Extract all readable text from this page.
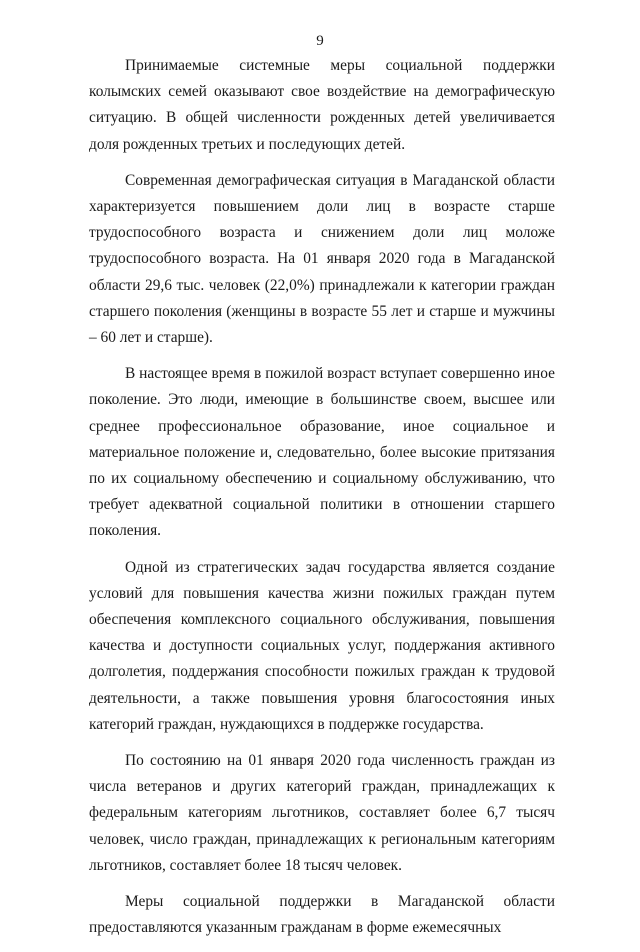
9

Принимаемые системные меры социальной поддержки колымских семей оказывают свое воздействие на демографическую ситуацию. В общей численности рожденных детей увеличивается доля рожденных третьих и последующих детей.

Современная демографическая ситуация в Магаданской области характеризуется повышением доли лиц в возрасте старше трудоспособного возраста и снижением доли лиц моложе трудоспособного возраста. На 01 января 2020 года в Магаданской области 29,6 тыс. человек (22,0%) принадлежали к категории граждан старшего поколения (женщины в возрасте 55 лет и старше и мужчины – 60 лет и старше).

В настоящее время в пожилой возраст вступает совершенно иное поколение. Это люди, имеющие в большинстве своем, высшее или среднее профессиональное образование, иное социальное и материальное положение и, следовательно, более высокие притязания по их социальному обеспечению и социальному обслуживанию, что требует адекватной социальной политики в отношении старшего поколения.

Одной из стратегических задач государства является создание условий для повышения качества жизни пожилых граждан путем обеспечения комплексного социального обслуживания, повышения качества и доступности социальных услуг, поддержания активного долголетия, поддержания способности пожилых граждан к трудовой деятельности, а также повышения уровня благосостояния иных категорий граждан, нуждающихся в поддержке государства.

По состоянию на 01 января 2020 года численность граждан из числа ветеранов и других категорий граждан, принадлежащих к федеральным категориям льготников, составляет более 6,7 тысяч человек, число граждан, принадлежащих к региональным категориям льготников, составляет более 18 тысяч человек.

Меры социальной поддержки в Магаданской области предоставляются указанным гражданам в форме ежемесячных
